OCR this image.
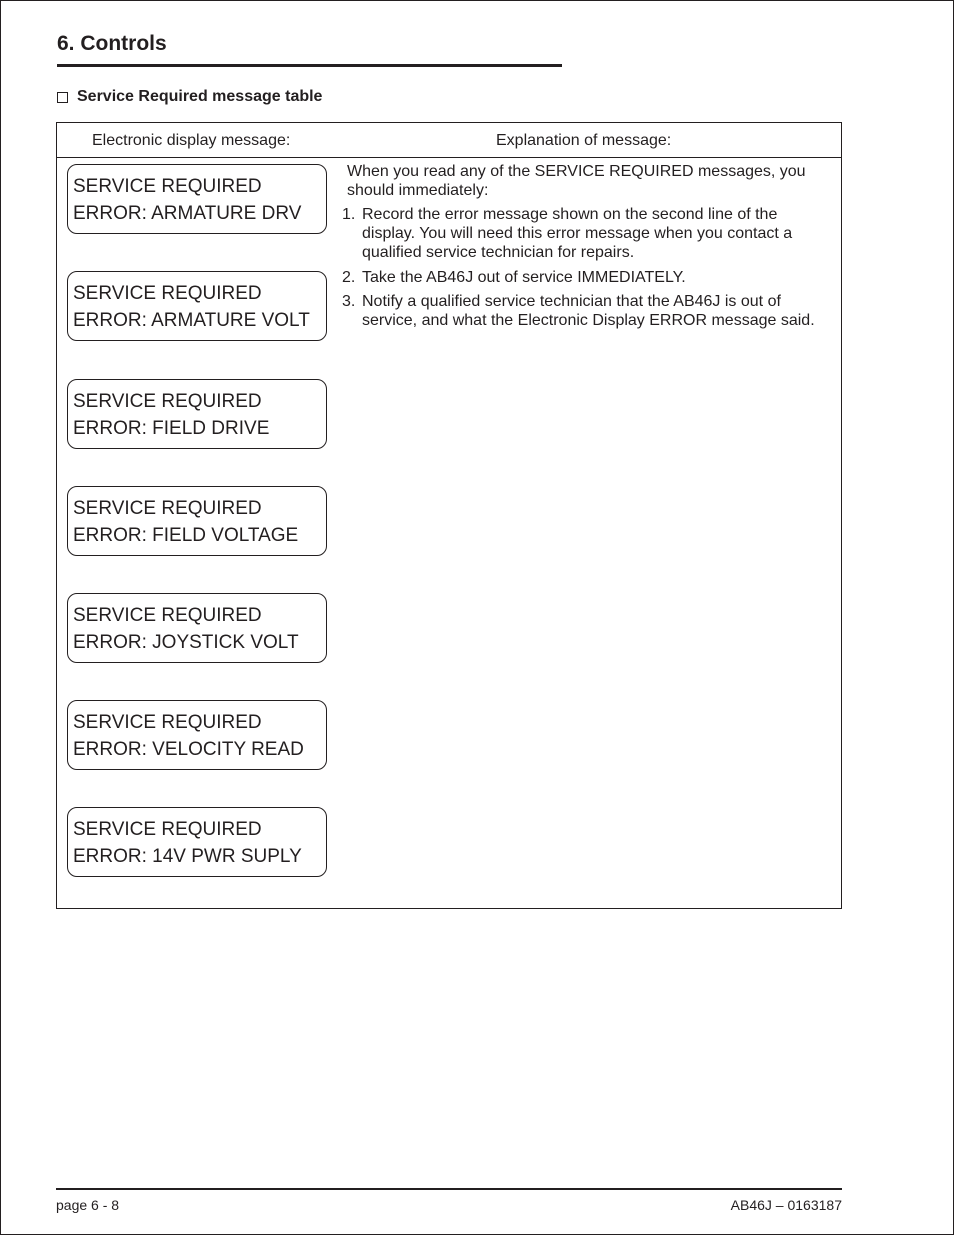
6. Controls
Service Required message table
Electronic display message:	Explanation of message:
SERVICE REQUIRED
ERROR: ARMATURE DRV
SERVICE REQUIRED
ERROR: ARMATURE VOLT
SERVICE REQUIRED
ERROR: FIELD DRIVE
SERVICE REQUIRED
ERROR: FIELD VOLTAGE
SERVICE REQUIRED
ERROR: JOYSTICK VOLT
SERVICE REQUIRED
ERROR: VELOCITY READ
SERVICE REQUIRED
ERROR: 14V PWR SUPLY

When you read any of the SERVICE REQUIRED messages, you should immediately:

1. Record the error message shown on the second line of the display. You will need this error message when you contact a qualified service technician for repairs.
2. Take the AB46J out of service IMMEDIATELY.
3. Notify a qualified service technician that the AB46J is out of service, and what the Electronic Display ERROR message said.
page 6 - 8	AB46J – 0163187
